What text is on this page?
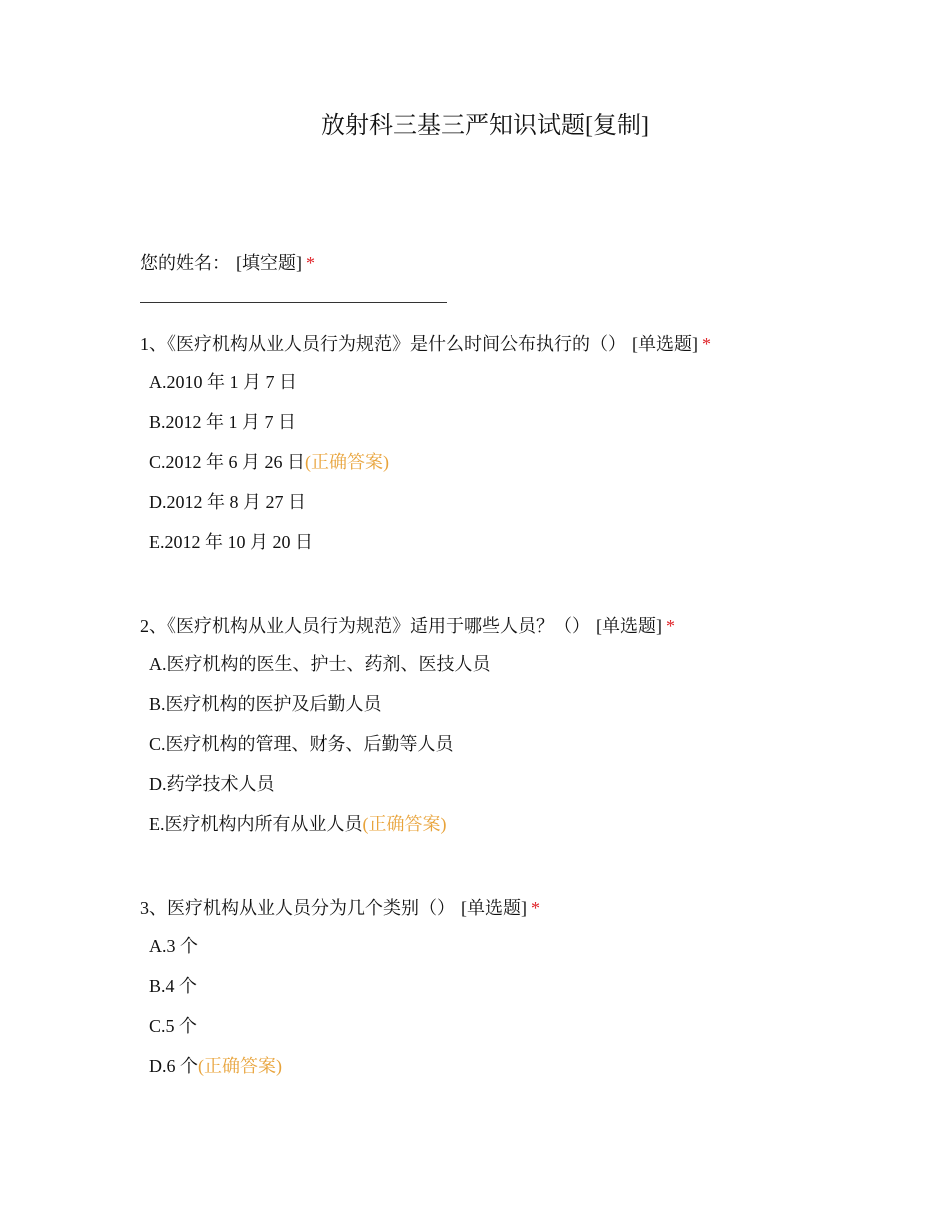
放射科三基三严知识试题[复制]
您的姓名： [填空题] *
1、《医疗机构从业人员行为规范》是什么时间公布执行的（） [单选题] *
A.2010 年 1 月 7 日
B.2012 年 1 月 7 日
C.2012 年 6 月 26 日(正确答案)
D.2012 年 8 月 27 日
E.2012 年 10 月 20 日
2、《医疗机构从业人员行为规范》适用于哪些人员？（） [单选题] *
A.医疗机构的医生、护士、药剂、医技人员
B.医疗机构的医护及后勤人员
C.医疗机构的管理、财务、后勤等人员
D.药学技术人员
E.医疗机构内所有从业人员(正确答案)
3、医疗机构从业人员分为几个类别（） [单选题] *
A.3 个
B.4 个
C.5 个
D.6 个(正确答案)
